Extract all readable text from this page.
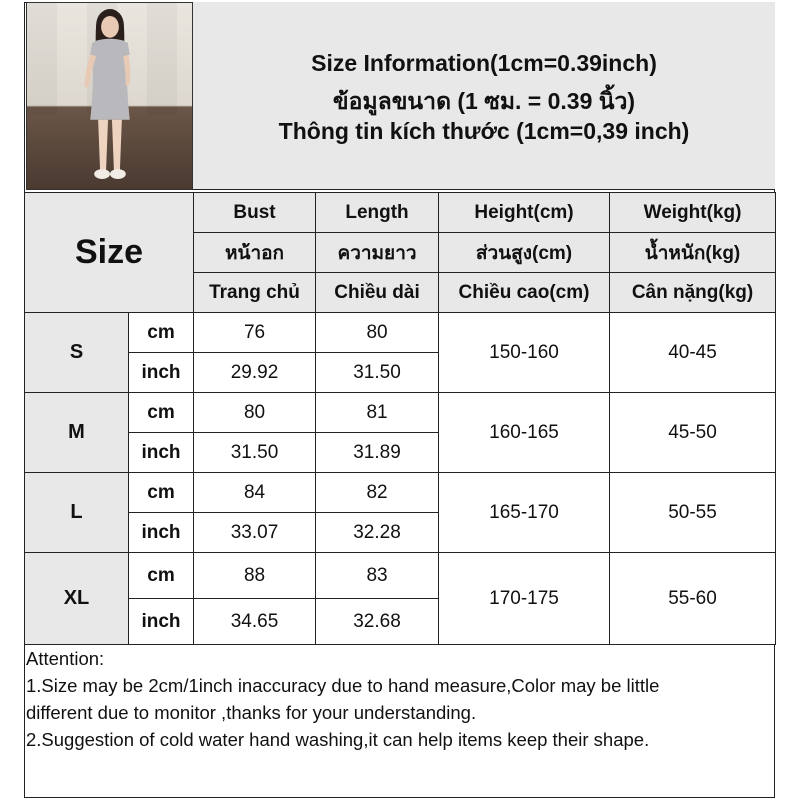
Size Information(1cm=0.39inch)
ข้อมูลขนาด (1 ซม. = 0.39 นิ้ว)
Thông tin kích thước (1cm=0,39 inch)
Size		Bust	Length	Height(cm)	Weight(kg)
		หน้าอก	ความยาว	ส่วนสูง(cm)	น้ำหนัก(kg)
		Trang chủ	Chiều dài	Chiều cao(cm)	Cân nặng(kg)
S	cm	76	80	150-160	40-45
	inch	29.92	31.50		
M	cm	80	81	160-165	45-50
	inch	31.50	31.89		
L	cm	84	82	165-170	50-55
	inch	33.07	32.28		
XL	cm	88	83	170-175	55-60
	inch	34.65	32.68		
Attention:
1.Size may be 2cm/1inch inaccuracy due to hand measure,Color may be little
different due to monitor ,thanks for your understanding.
2.Suggestion of cold water hand washing,it can help items keep their shape.
